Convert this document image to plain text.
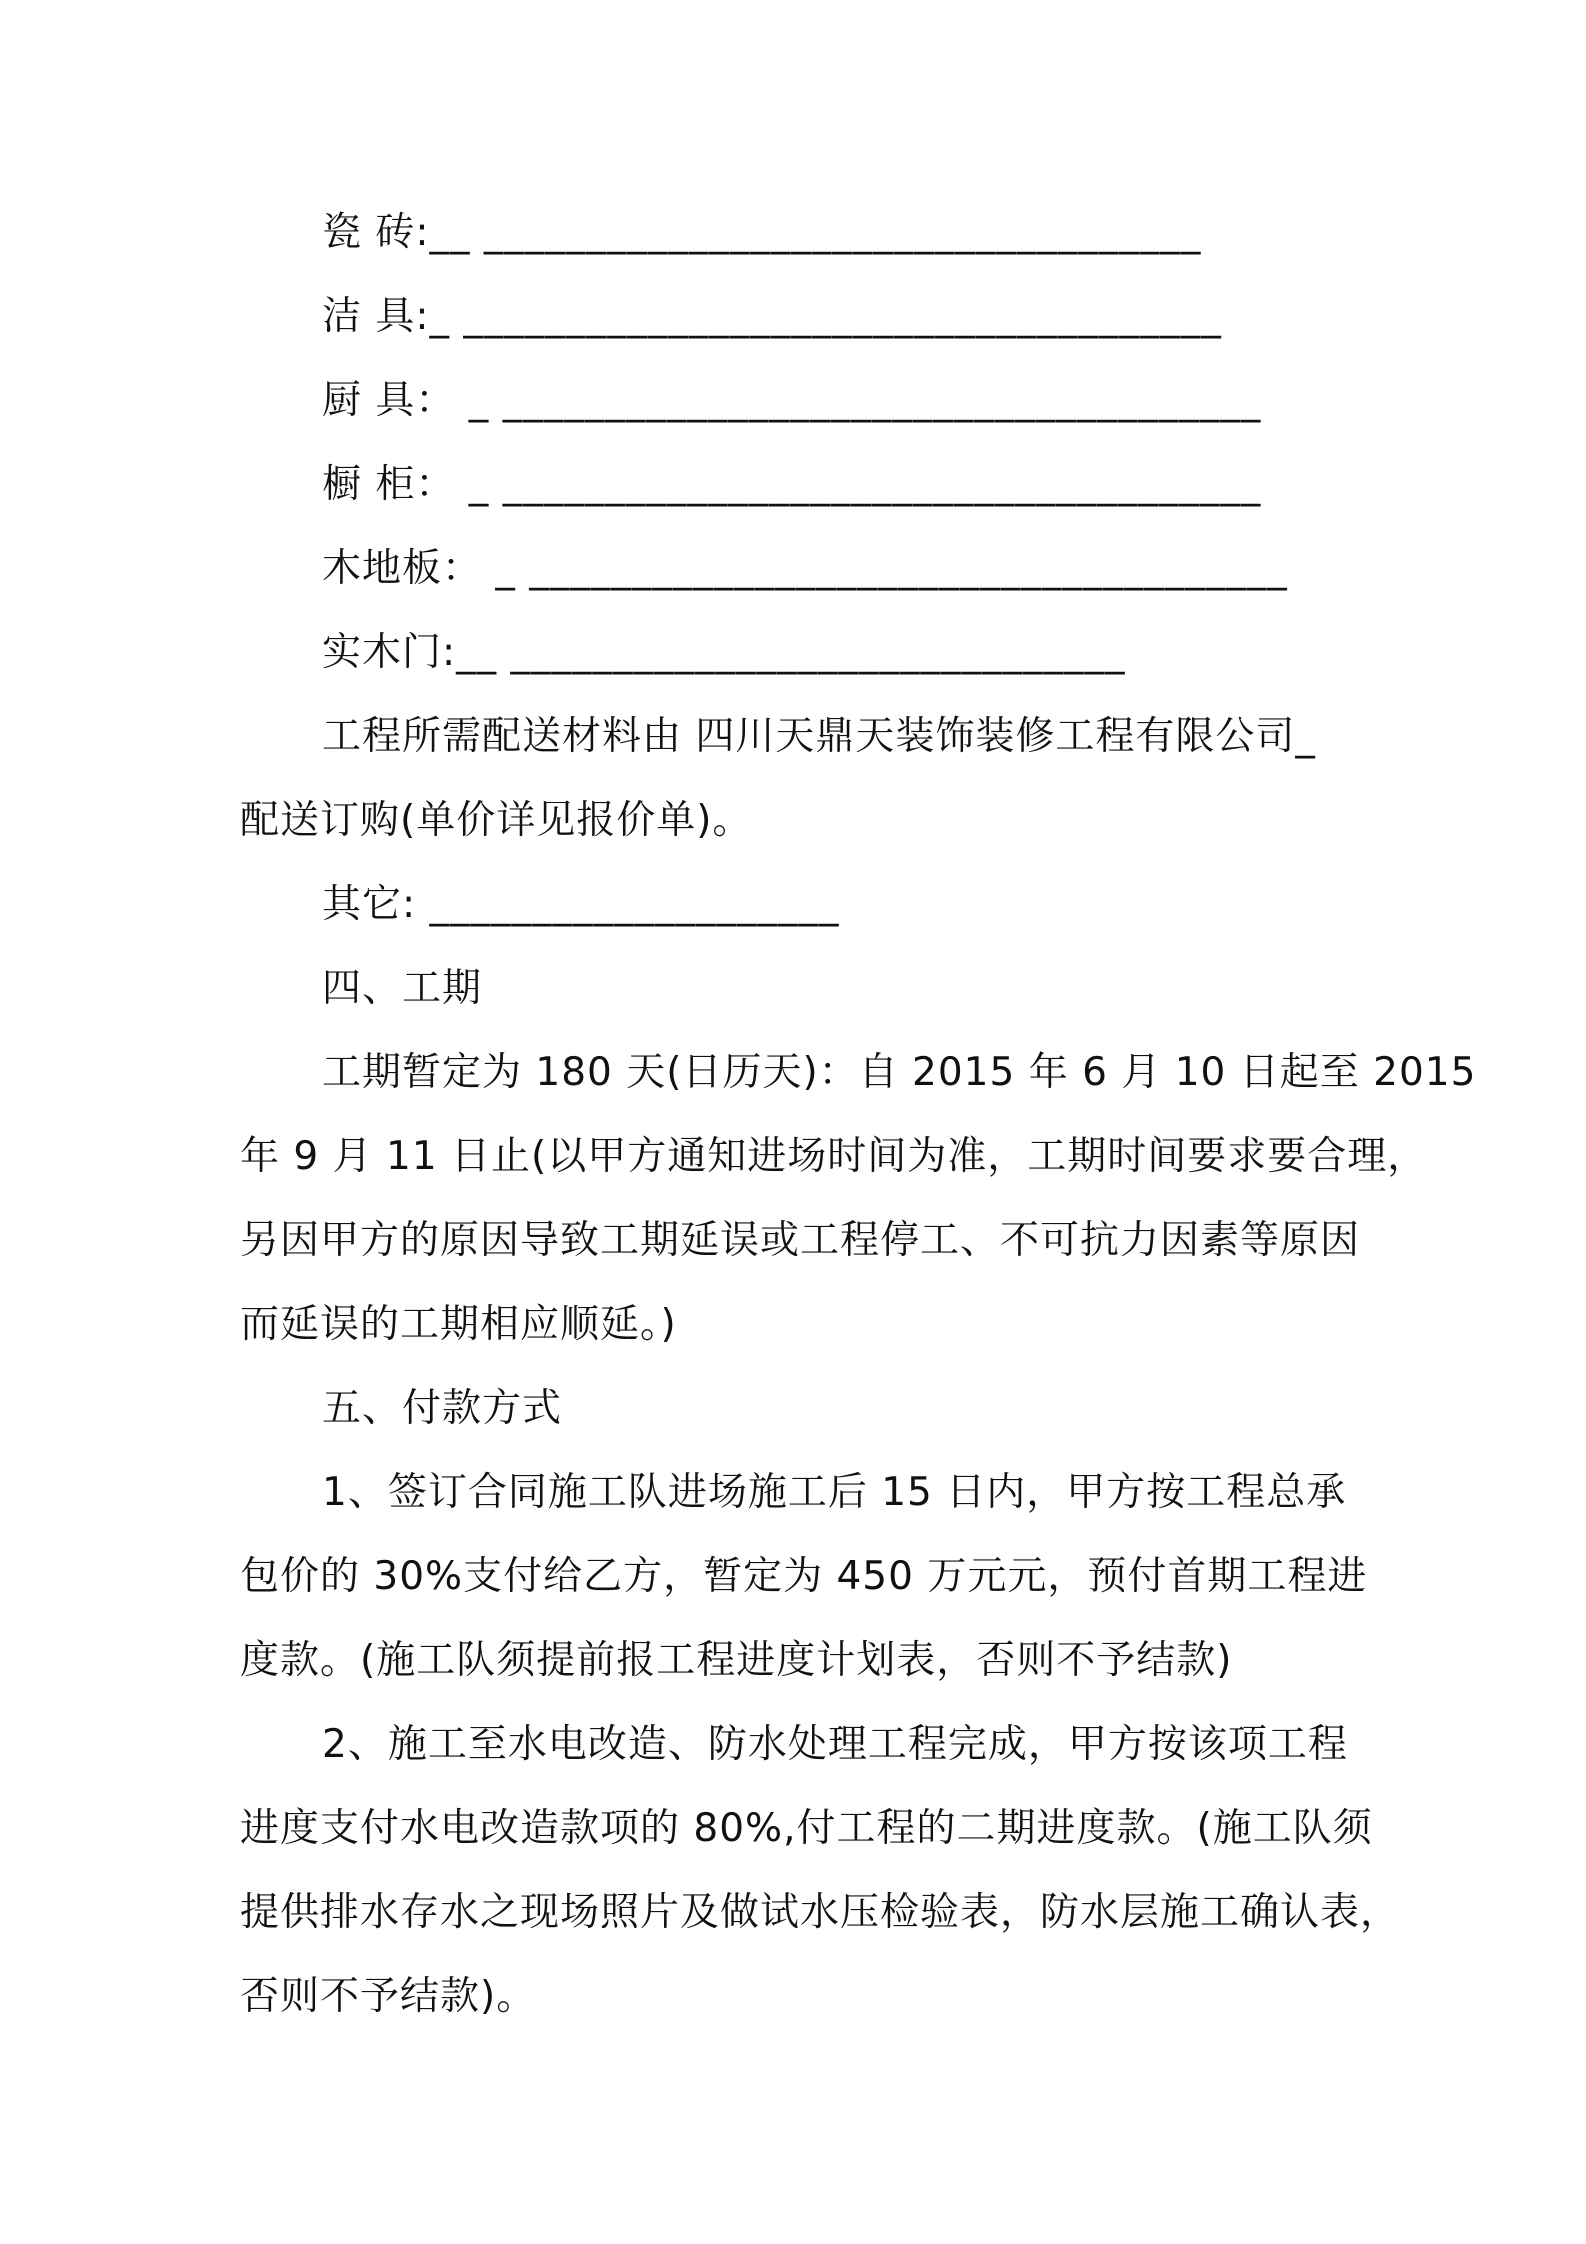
瓷 砖:__ ___________________________________
洁 具:_ _____________________________________
厨 具： _ _____________________________________
橱 柜： _ _____________________________________
木地板： _ _____________________________________
实木门:__ ______________________________
工程所需配送材料由 四川天鼎天装饰装修工程有限公司_
配送订购(单价详见报价单)。
其它: ____________________
四、工期
工期暂定为 180 天(日历天)：自 2015 年 6 月 10 日起至 2015
年 9 月 11 日止(以甲方通知进场时间为准，工期时间要求要合理，
另因甲方的原因导致工期延误或工程停工、不可抗力因素等原因
而延误的工期相应顺延。)
五、付款方式
1、签订合同施工队进场施工后 15 日内，甲方按工程总承
包价的 30%支付给乙方，暂定为 450 万元元，预付首期工程进
度款。(施工队须提前报工程进度计划表，否则不予结款)
2、施工至水电改造、防水处理工程完成，甲方按该项工程
进度支付水电改造款项的 80%,付工程的二期进度款。(施工队须
提供排水存水之现场照片及做试水压检验表，防水层施工确认表，
否则不予结款)。
